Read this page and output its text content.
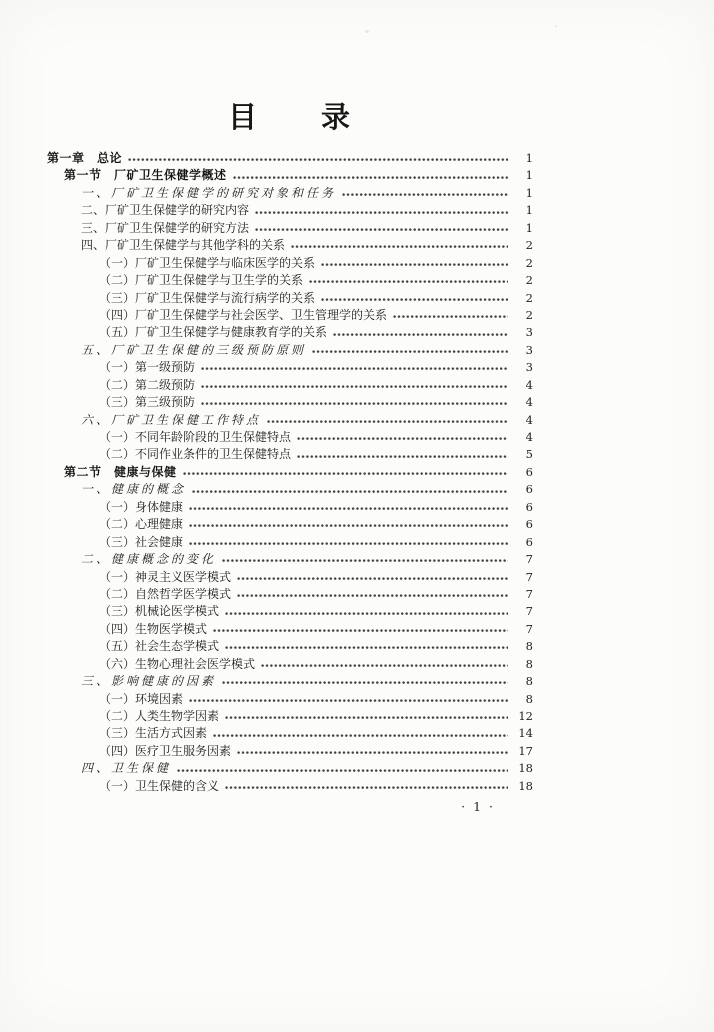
目　　录
第一章　总论	1
第一节　厂矿卫生保健学概述	1
一、厂矿卫生保健学的研究对象和任务	1
二、厂矿卫生保健学的研究内容	1
三、厂矿卫生保健学的研究方法	1
四、厂矿卫生保健学与其他学科的关系	2
（一）厂矿卫生保健学与临床医学的关系	2
（二）厂矿卫生保健学与卫生学的关系	2
（三）厂矿卫生保健学与流行病学的关系	2
（四）厂矿卫生保健学与社会医学、卫生管理学的关系	2
（五）厂矿卫生保健学与健康教育学的关系	3
五、厂矿卫生保健的三级预防原则	3
（一）第一级预防	3
（二）第二级预防	4
（三）第三级预防	4
六、厂矿卫生保健工作特点	4
（一）不同年龄阶段的卫生保健特点	4
（二）不同作业条件的卫生保健特点	5
第二节　健康与保健	6
一、健康的概念	6
（一）身体健康	6
（二）心理健康	6
（三）社会健康	6
二、健康概念的变化	7
（一）神灵主义医学模式	7
（二）自然哲学医学模式	7
（三）机械论医学模式	7
（四）生物医学模式	7
（五）社会生态学模式	8
（六）生物心理社会医学模式	8
三、影响健康的因素	8
（一）环境因素	8
（二）人类生物学因素	12
（三）生活方式因素	14
（四）医疗卫生服务因素	17
四、卫生保健	18
（一）卫生保健的含义	18
· 1 ·
